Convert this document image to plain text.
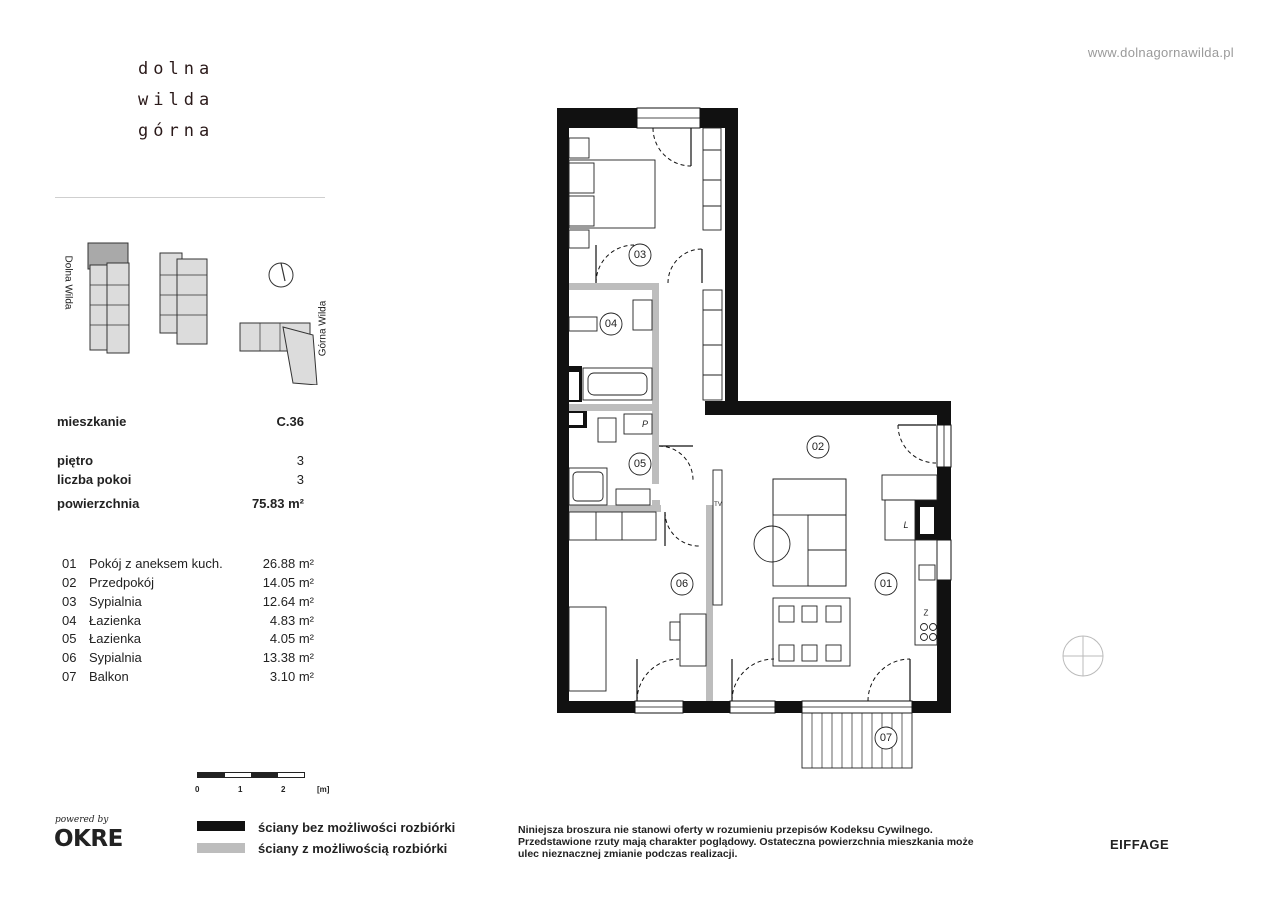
dolna
wilda
górna
www.dolnagornawilda.pl
Dolna Wilda
Górna Wilda
mieszkanie	C.36
piętro	3
liczba pokoi	3
powierzchnia	75.83 m²
01 Pokój z aneksem kuch.	26.88 m²
02 Przedpokój	14.05 m²
03 Sypialnia	12.64 m²
04 Łazienka	4.83 m²
05 Łazienka	4.05 m²
06 Sypialnia	13.38 m²
07 Balkon	3.10 m²
0	1	2	[m]
ściany bez możliwości rozbiórki
ściany z możliwością rozbiórki
powered by
OKRE	Niniejsza broszura nie stanowi oferty w rozumieniu przepisów Kodeksu Cywilnego.
Przedstawione rzuty mają charakter poglądowy. Ostateczna powierzchnia mieszkania może
ulec nieznacznej zmianie podczas realizacji.
EIFFAGE
01
02
03
04
05
06
07
P
L
Z
TV
